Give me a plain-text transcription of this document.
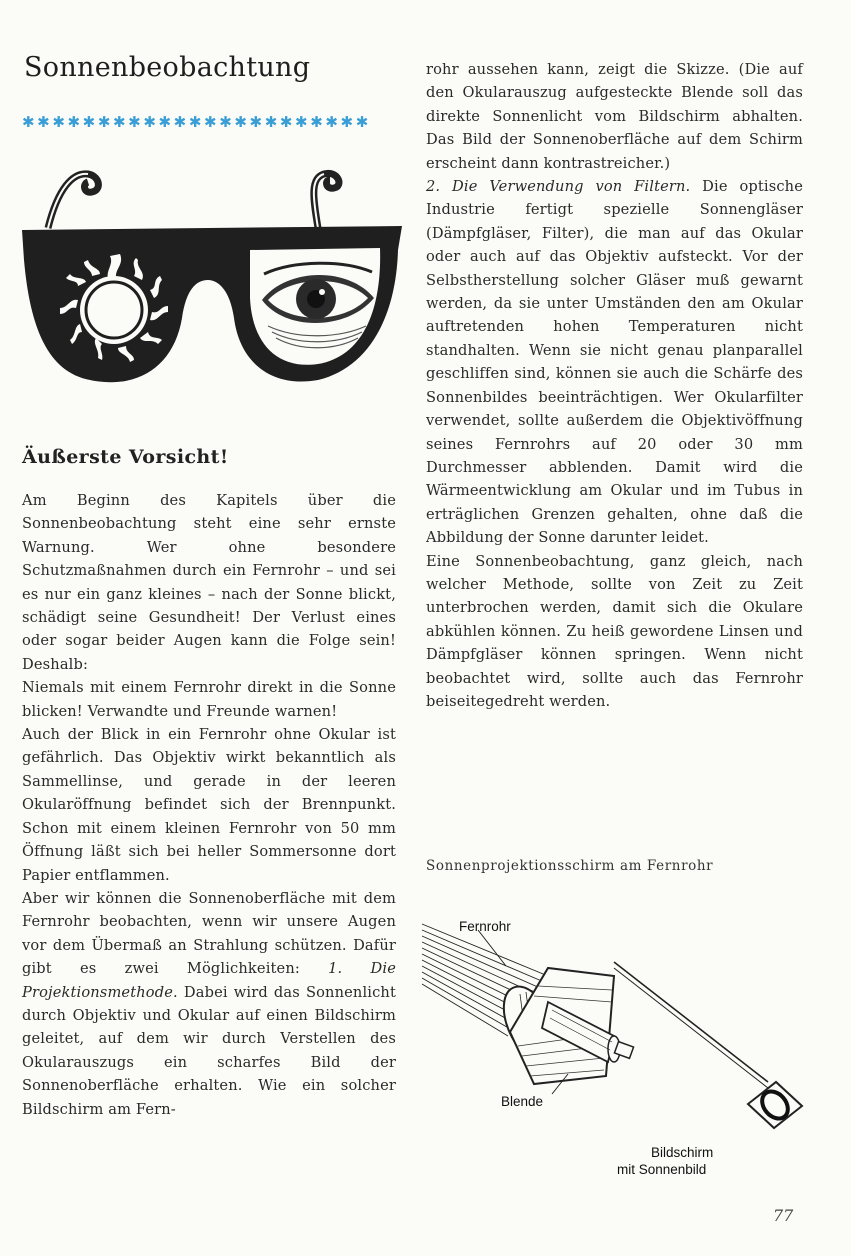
Sonnenbeobachtung
✱✱✱✱✱✱✱✱✱✱✱✱✱✱✱✱✱✱✱✱✱✱✱
Äußerste Vorsicht!

Am Beginn des Kapitels über die Sonnenbeobachtung steht eine sehr ernste Warnung. Wer ohne besondere Schutzmaßnahmen durch ein Fernrohr – und sei es nur ein ganz kleines – nach der Sonne blickt, schädigt seine Gesundheit! Der Verlust eines oder sogar beider Augen kann die Folge sein! Deshalb:

Niemals mit einem Fernrohr direkt in die Sonne blicken! Verwandte und Freunde warnen!

Auch der Blick in ein Fernrohr ohne Okular ist gefährlich. Das Objektiv wirkt bekanntlich als Sammellinse, und gerade in der leeren Okularöffnung befindet sich der Brennpunkt. Schon mit einem kleinen Fernrohr von 50 mm Öffnung läßt sich bei heller Sommersonne dort Papier entflammen.

Aber wir können die Sonnenoberfläche mit dem Fernrohr beobachten, wenn wir unsere Augen vor dem Übermaß an Strahlung schützen. Dafür gibt es zwei Möglichkeiten: 1. Die Projektionsmethode. Dabei wird das Sonnenlicht durch Objektiv und Okular auf einen Bildschirm geleitet, auf dem wir durch Verstellen des Okularauszugs ein scharfes Bild der Sonnenoberfläche erhalten. Wie ein solcher Bildschirm am Fern-

rohr aussehen kann, zeigt die Skizze. (Die auf den Okularauszug aufgesteckte Blende soll das direkte Sonnenlicht vom Bildschirm abhalten. Das Bild der Sonnenoberfläche auf dem Schirm erscheint dann kontrastreicher.)

2. Die Verwendung von Filtern. Die optische Industrie fertigt spezielle Sonnengläser (Dämpfgläser, Filter), die man auf das Okular oder auch auf das Objektiv aufsteckt. Vor der Selbstherstellung solcher Gläser muß gewarnt werden, da sie unter Umständen den am Okular auftretenden hohen Temperaturen nicht standhalten. Wenn sie nicht genau planparallel geschliffen sind, können sie auch die Schärfe des Sonnenbildes beeinträchtigen. Wer Okularfilter verwendet, sollte außerdem die Objektivöffnung seines Fernrohrs auf 20 oder 30 mm Durchmesser abblenden. Damit wird die Wärmeentwicklung am Okular und im Tubus in erträglichen Grenzen gehalten, ohne daß die Abbildung der Sonne darunter leidet.

Eine Sonnenbeobachtung, ganz gleich, nach welcher Methode, sollte von Zeit zu Zeit unterbrochen werden, damit sich die Okulare abkühlen können. Zu heiß gewordene Linsen und Dämpfgläser können springen. Wenn nicht beobachtet wird, sollte auch das Fernrohr beiseitegedreht werden.

Sonnenprojektionsschirm am Fernrohr
Fernrohr
Blende
Bildschirm
mit Sonnenbild
77
